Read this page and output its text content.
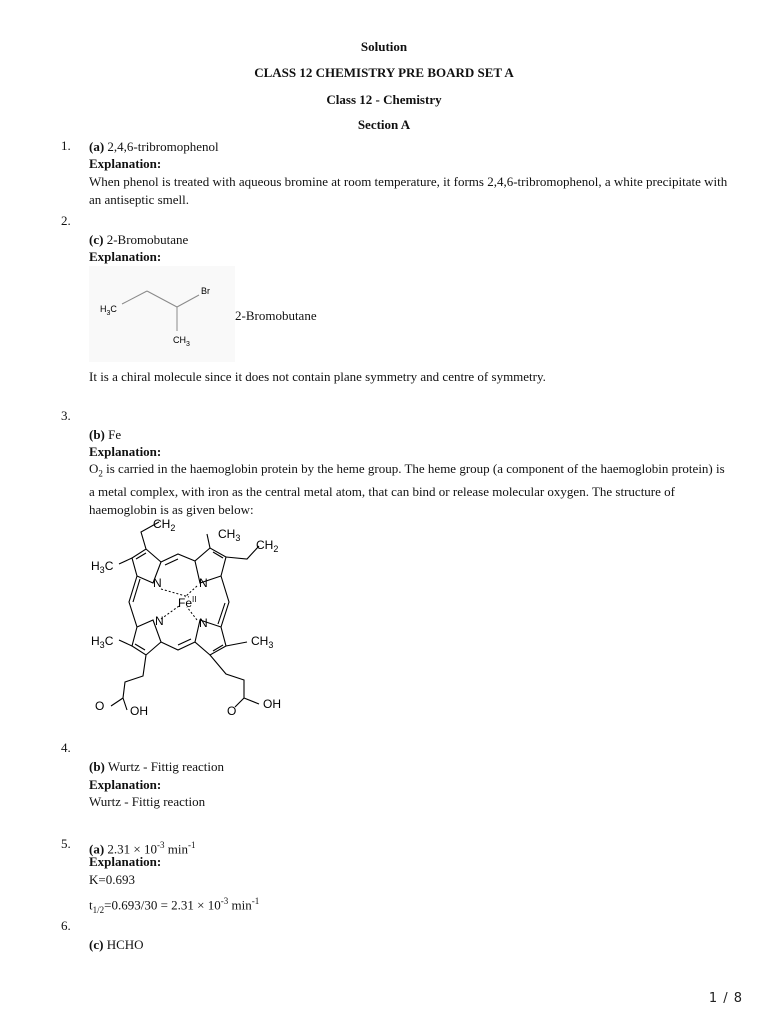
Solution
CLASS 12 CHEMISTRY PRE BOARD SET A
Class 12 - Chemistry
Section A
1. (a) 2,4,6-tribromophenol
Explanation:
When phenol is treated with aqueous bromine at room temperature, it forms 2,4,6-tribromophenol, a white precipitate with an antiseptic smell.
2.
(c) 2-Bromobutane
Explanation:
Br
$H_3C$
$CH_3$
2-Bromobutane
It is a chiral molecule since it does not contain plane symmetry and centre of symmetry.
3.
(b) Fe
Explanation:
$O_2$ is carried in the haemoglobin protein by the heme group. The heme group (a component of the haemoglobin protein) is a metal complex, with iron as the central metal atom, that can bind or release molecular oxygen. The structure of haemoglobin is as given below:
$CH_2$	$CH_3$ $CH_2$
$H_3C$
$H_3C$	$CH_3$
N	N
N	N
$Fe^{II}$
O OH	O OH
4.
(b) Wurtz - Fittig reaction
Explanation:
Wurtz - Fittig reaction
5. (a) $2.31 \times 10^{-3}$ $\min^{-1}$
Explanation:
K=0.693
$t_{1/2}=0.693/30 = 2.31 \times 10^{-3}$ $\min^{-1}$
6.
(c) HCHO
1 / 8
